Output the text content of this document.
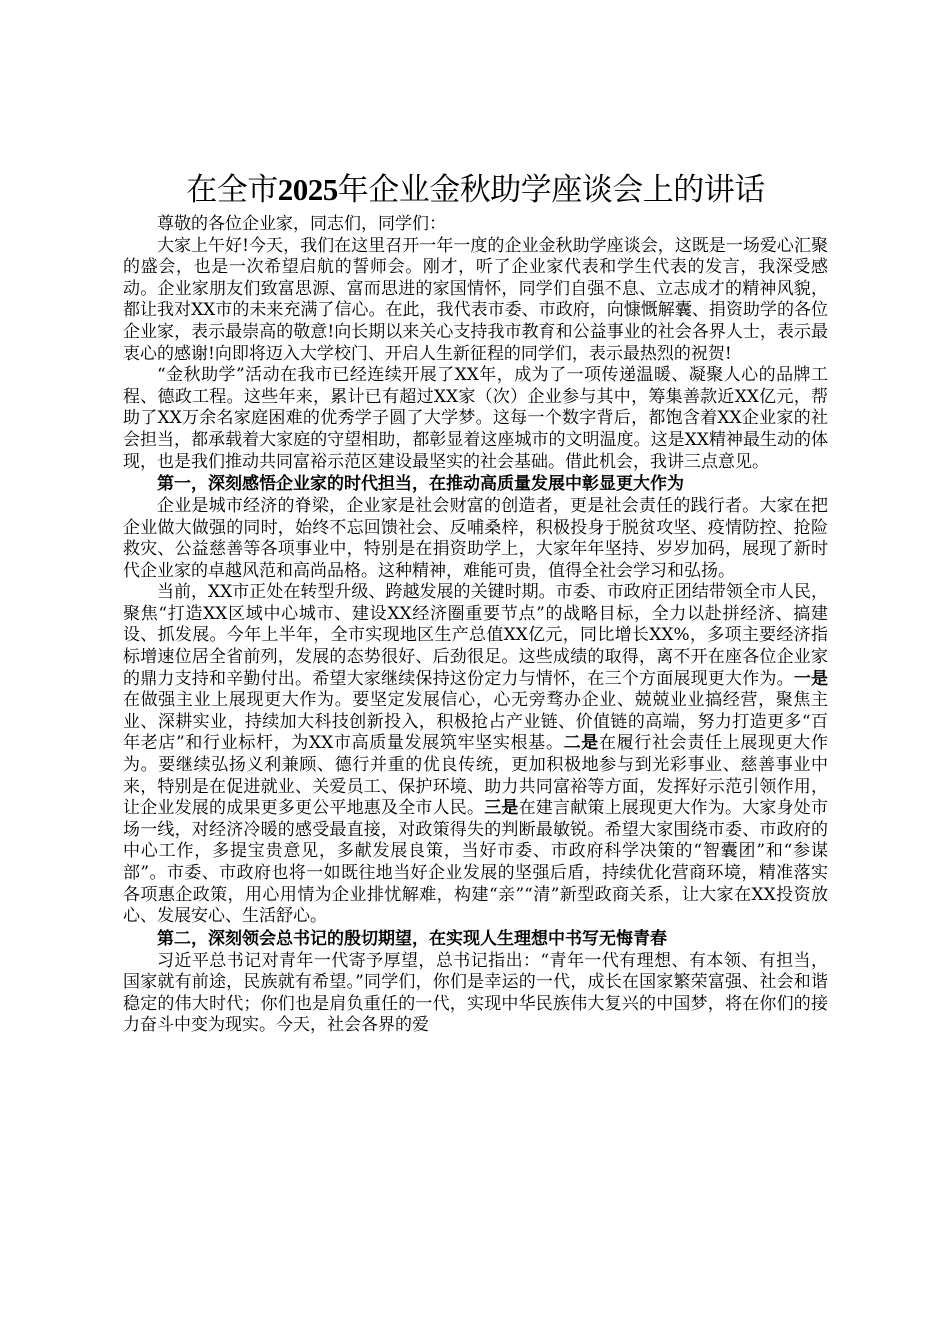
在全市2025年企业金秋助学座谈会上的讲话

尊敬的各位企业家，同志们，同学们：

大家上午好!今天，我们在这里召开一年一度的企业金秋助学座谈会，这既是一场爱心汇聚的盛会，也是一次希望启航的誓师会。刚才，听了企业家代表和学生代表的发言，我深受感动。企业家朋友们致富思源、富而思进的家国情怀，同学们自强不息、立志成才的精神风貌，都让我对XX市的未来充满了信心。在此，我代表市委、市政府，向慷慨解囊、捐资助学的各位企业家，表示最崇高的敬意!向长期以来关心支持我市教育和公益事业的社会各界人士，表示最衷心的感谢!向即将迈入大学校门、开启人生新征程的同学们，表示最热烈的祝贺!

“金秋助学”活动在我市已经连续开展了XX年，成为了一项传递温暖、凝聚人心的品牌工程、德政工程。这些年来，累计已有超过XX家（次）企业参与其中，筹集善款近XX亿元，帮助了XX万余名家庭困难的优秀学子圆了大学梦。这每一个数字背后，都饱含着XX企业家的社会担当，都承载着大家庭的守望相助，都彰显着这座城市的文明温度。这是XX精神最生动的体现，也是我们推动共同富裕示范区建设最坚实的社会基础。借此机会，我讲三点意见。

第一，深刻感悟企业家的时代担当，在推动高质量发展中彰显更大作为

企业是城市经济的脊梁，企业家是社会财富的创造者，更是社会责任的践行者。大家在把企业做大做强的同时，始终不忘回馈社会、反哺桑梓，积极投身于脱贫攻坚、疫情防控、抢险救灾、公益慈善等各项事业中，特别是在捐资助学上，大家年年坚持、岁岁加码，展现了新时代企业家的卓越风范和高尚品格。这种精神，难能可贵，值得全社会学习和弘扬。

当前，XX市正处在转型升级、跨越发展的关键时期。市委、市政府正团结带领全市人民，聚焦“打造XX区域中心城市、建设XX经济圈重要节点”的战略目标，全力以赴拼经济、搞建设、抓发展。今年上半年，全市实现地区生产总值XX亿元，同比增长XX%，多项主要经济指标增速位居全省前列，发展的态势很好、后劲很足。这些成绩的取得，离不开在座各位企业家的鼎力支持和辛勤付出。希望大家继续保持这份定力与情怀，在三个方面展现更大作为。一是在做强主业上展现更大作为。要坚定发展信心，心无旁骛办企业、兢兢业业搞经营，聚焦主业、深耕实业，持续加大科技创新投入，积极抢占产业链、价值链的高端，努力打造更多“百年老店”和行业标杆，为XX市高质量发展筑牢坚实根基。二是在履行社会责任上展现更大作为。要继续弘扬义利兼顾、德行并重的优良传统，更加积极地参与到光彩事业、慈善事业中来，特别是在促进就业、关爱员工、保护环境、助力共同富裕等方面，发挥好示范引领作用，让企业发展的成果更多更公平地惠及全市人民。三是在建言献策上展现更大作为。大家身处市场一线，对经济冷暖的感受最直接，对政策得失的判断最敏锐。希望大家围绕市委、市政府的中心工作，多提宝贵意见，多献发展良策，当好市委、市政府科学决策的“智囊团”和“参谋部”。市委、市政府也将一如既往地当好企业发展的坚强后盾，持续优化营商环境，精准落实各项惠企政策，用心用情为企业排忧解难，构建“亲”“清”新型政商关系，让大家在XX投资放心、发展安心、生活舒心。

第二，深刻领会总书记的殷切期望，在实现人生理想中书写无悔青春

习近平总书记对青年一代寄予厚望，总书记指出：“青年一代有理想、有本领、有担当，国家就有前途，民族就有希望。”同学们，你们是幸运的一代，成长在国家繁荣富强、社会和谐稳定的伟大时代；你们也是肩负重任的一代，实现中华民族伟大复兴的中国梦，将在你们的接力奋斗中变为现实。今天，社会各界的爱
